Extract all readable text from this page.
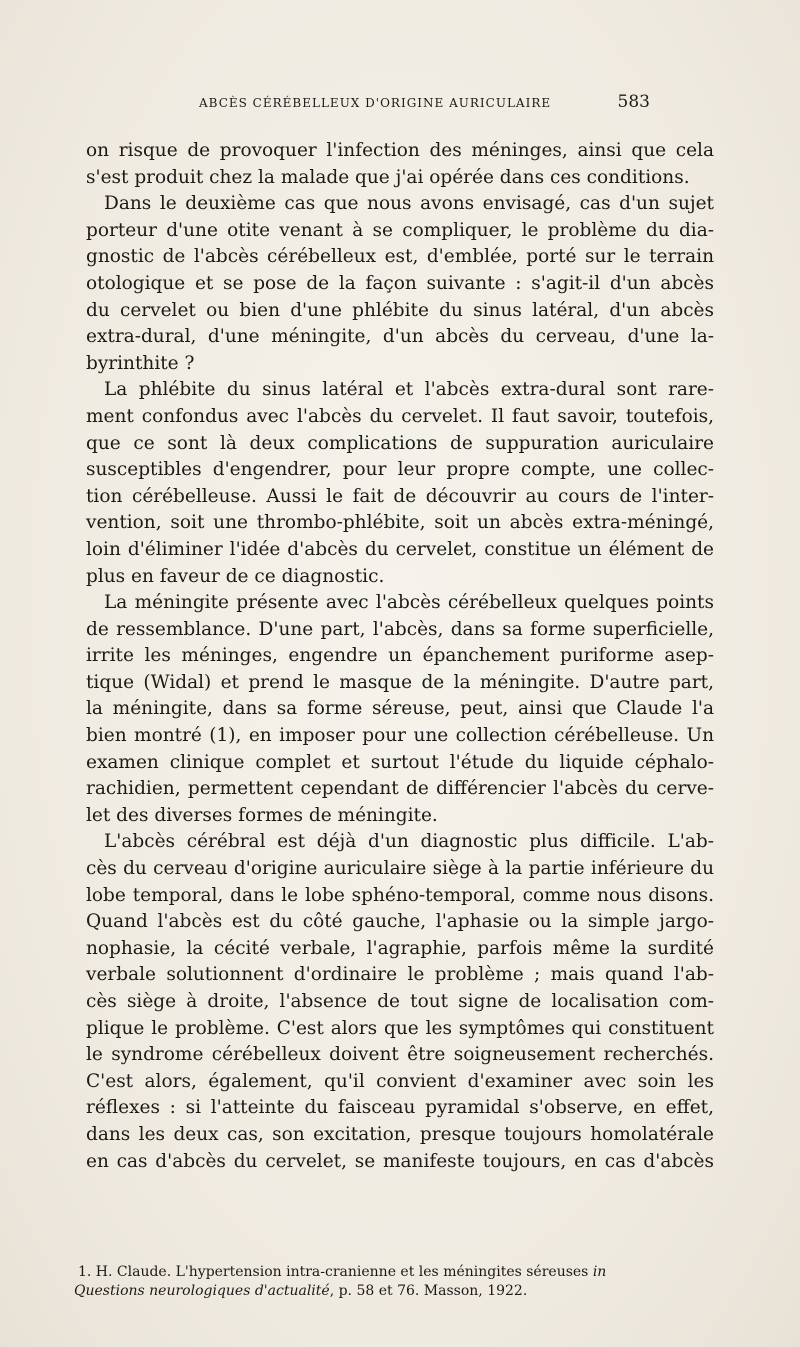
ABCÈS CÉRÉBELLEUX D'ORIGINE AURICULAIRE	583

on risque de provoquer l'infection des méninges, ainsi que cela
s'est produit chez la malade que j'ai opérée dans ces conditions.

Dans le deuxième cas que nous avons envisagé, cas d'un sujet
porteur d'une otite venant à se compliquer, le problème du dia-
gnostic de l'abcès cérébelleux est, d'emblée, porté sur le terrain
otologique et se pose de la façon suivante : s'agit-il d'un abcès
du cervelet ou bien d'une phlébite du sinus latéral, d'un abcès
extra-dural, d'une méningite, d'un abcès du cerveau, d'une la-
byrinthite ?

La phlébite du sinus latéral et l'abcès extra-dural sont rare-
ment confondus avec l'abcès du cervelet. Il faut savoir, toutefois,
que ce sont là deux complications de suppuration auriculaire
susceptibles d'engendrer, pour leur propre compte, une collec-
tion cérébelleuse. Aussi le fait de découvrir au cours de l'inter-
vention, soit une thrombo-phlébite, soit un abcès extra-méningé,
loin d'éliminer l'idée d'abcès du cervelet, constitue un élément de
plus en faveur de ce diagnostic.

La méningite présente avec l'abcès cérébelleux quelques points
de ressemblance. D'une part, l'abcès, dans sa forme superficielle,
irrite les méninges, engendre un épanchement puriforme asep-
tique (Widal) et prend le masque de la méningite. D'autre part,
la méningite, dans sa forme séreuse, peut, ainsi que Claude l'a
bien montré (1), en imposer pour une collection cérébelleuse. Un
examen clinique complet et surtout l'étude du liquide céphalo-
rachidien, permettent cependant de différencier l'abcès du cerve-
let des diverses formes de méningite.

L'abcès cérébral est déjà d'un diagnostic plus difficile. L'ab-
cès du cerveau d'origine auriculaire siège à la partie inférieure du
lobe temporal, dans le lobe sphéno-temporal, comme nous disons.
Quand l'abcès est du côté gauche, l'aphasie ou la simple jargo-
nophasie, la cécité verbale, l'agraphie, parfois même la surdité
verbale solutionnent d'ordinaire le problème ; mais quand l'ab-
cès siège à droite, l'absence de tout signe de localisation com-
plique le problème. C'est alors que les symptômes qui constituent
le syndrome cérébelleux doivent être soigneusement recherchés.
C'est alors, également, qu'il convient d'examiner avec soin les
réflexes : si l'atteinte du faisceau pyramidal s'observe, en effet,
dans les deux cas, son excitation, presque toujours homolatérale
en cas d'abcès du cervelet, se manifeste toujours, en cas d'abcès

1. H. Claude. L'hypertension intra-cranienne et les méningites séreuses in
Questions neurologiques d'actualité, p. 58 et 76. Masson, 1922.
